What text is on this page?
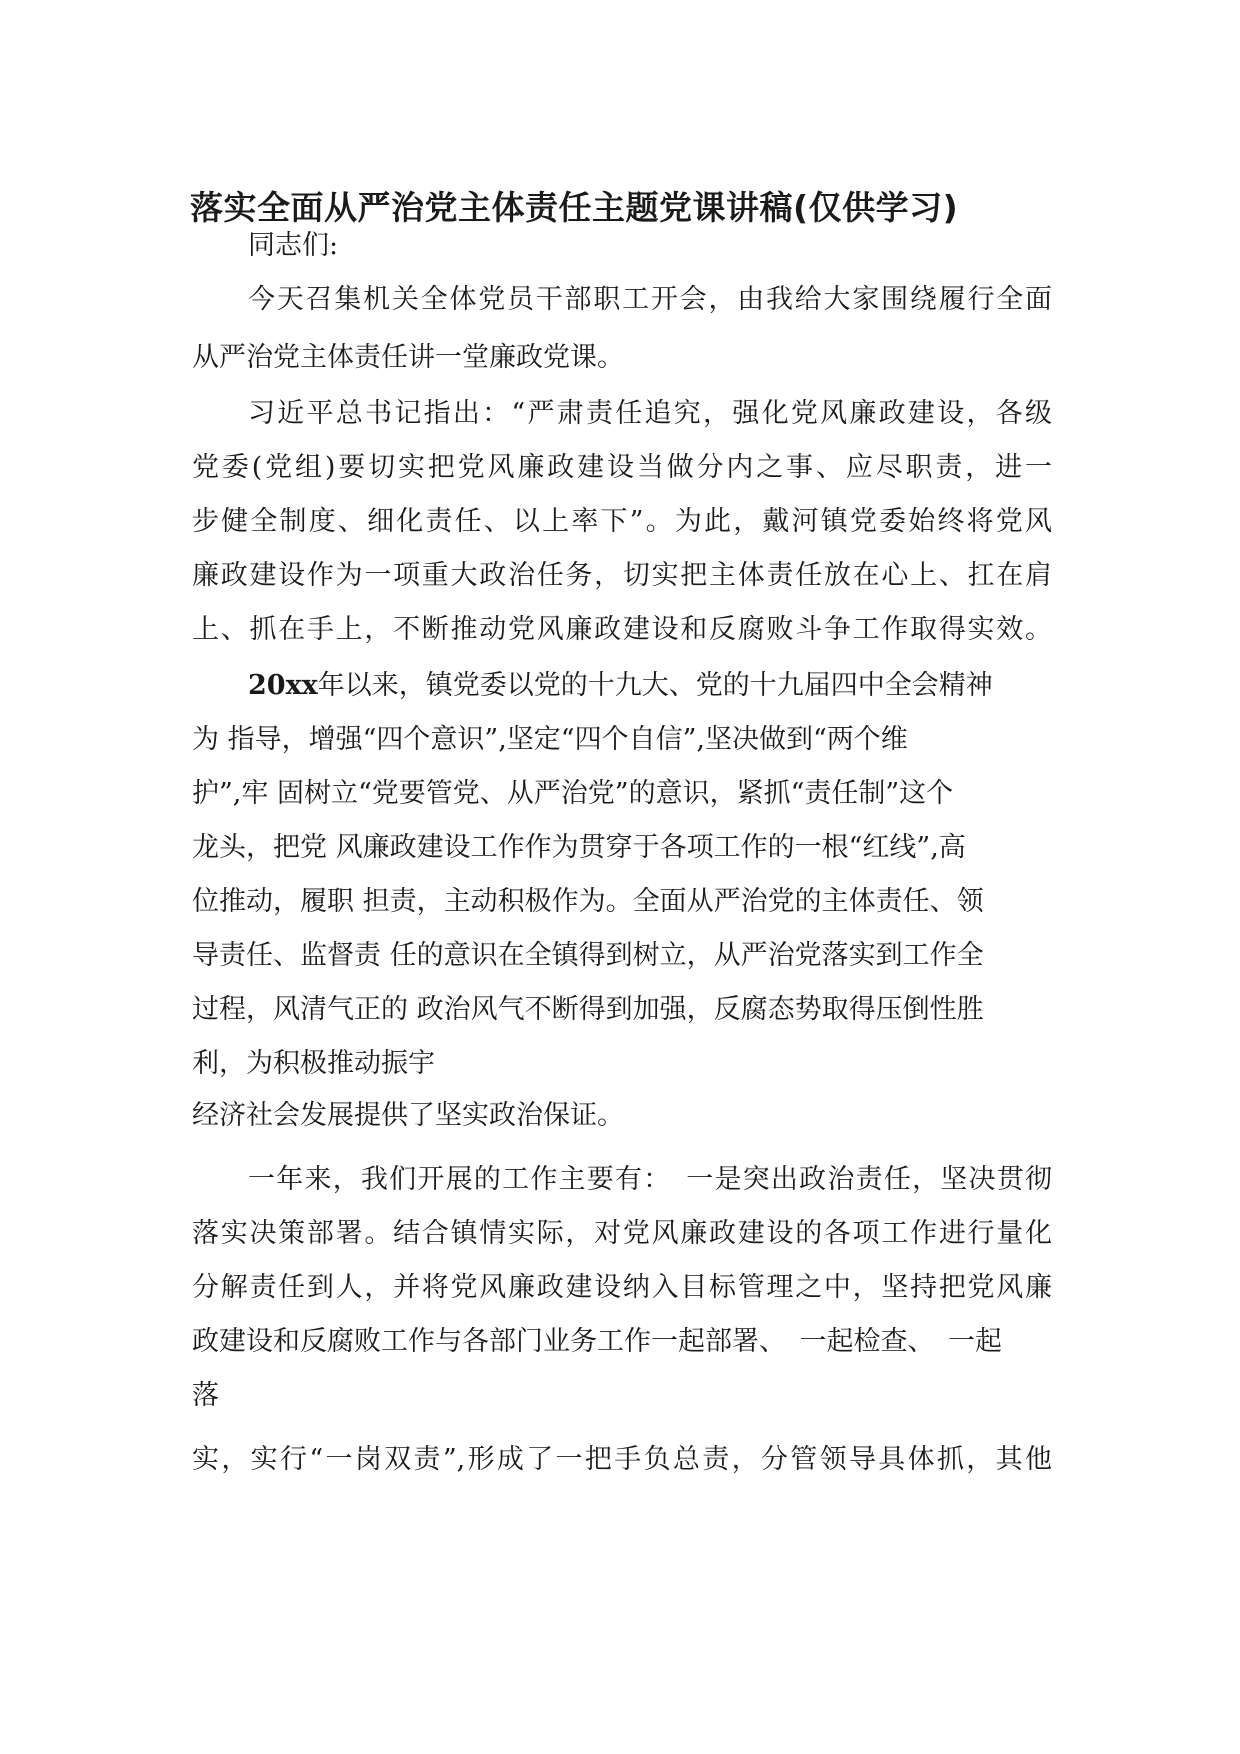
落实全面从严治党主体责任主题党课讲稿(仅供学习)

同志们:

今天召集机关全体党员干部职工开会，由我给大家围绕履行全面

从严治党主体责任讲一堂廉政党课。

习近平总书记指出：“严肃责任追究，强化党风廉政建设，各级

党委(党组)要切实把党风廉政建设当做分内之事、应尽职责，进一

步健全制度、细化责任、以上率下”。为此，戴河镇党委始终将党风

廉政建设作为一项重大政治任务，切实把主体责任放在心上、扛在肩

上、抓在手上，不断推动党风廉政建设和反腐败斗争工作取得实效。

20xx年以来，镇党委以党的十九大、党的十九届四中全会精神

为 指导，增强“四个意识”,坚定“四个自信”,坚决做到“两个维

护”,牢 固树立“党要管党、从严治党”的意识，紧抓“责任制”这个

龙头，把党 风廉政建设工作作为贯穿于各项工作的一根“红线”,高

位推动，履职 担责，主动积极作为。全面从严治党的主体责任、领

导责任、监督责 任的意识在全镇得到树立，从严治党落实到工作全

过程，风清气正的 政治风气不断得到加强，反腐态势取得压倒性胜

利，为积极推动振宇

经济社会发展提供了坚实政治保证。

一年来，我们开展的工作主要有：　一是突出政治责任，坚决贯彻

落实决策部署。结合镇情实际，对党风廉政建设的各项工作进行量化

分解责任到人，并将党风廉政建设纳入目标管理之中，坚持把党风廉

政建设和反腐败工作与各部门业务工作一起部署、　一起检查、　一起

落

实，实行“一岗双责”,形成了一把手负总责，分管领导具体抓，其他
